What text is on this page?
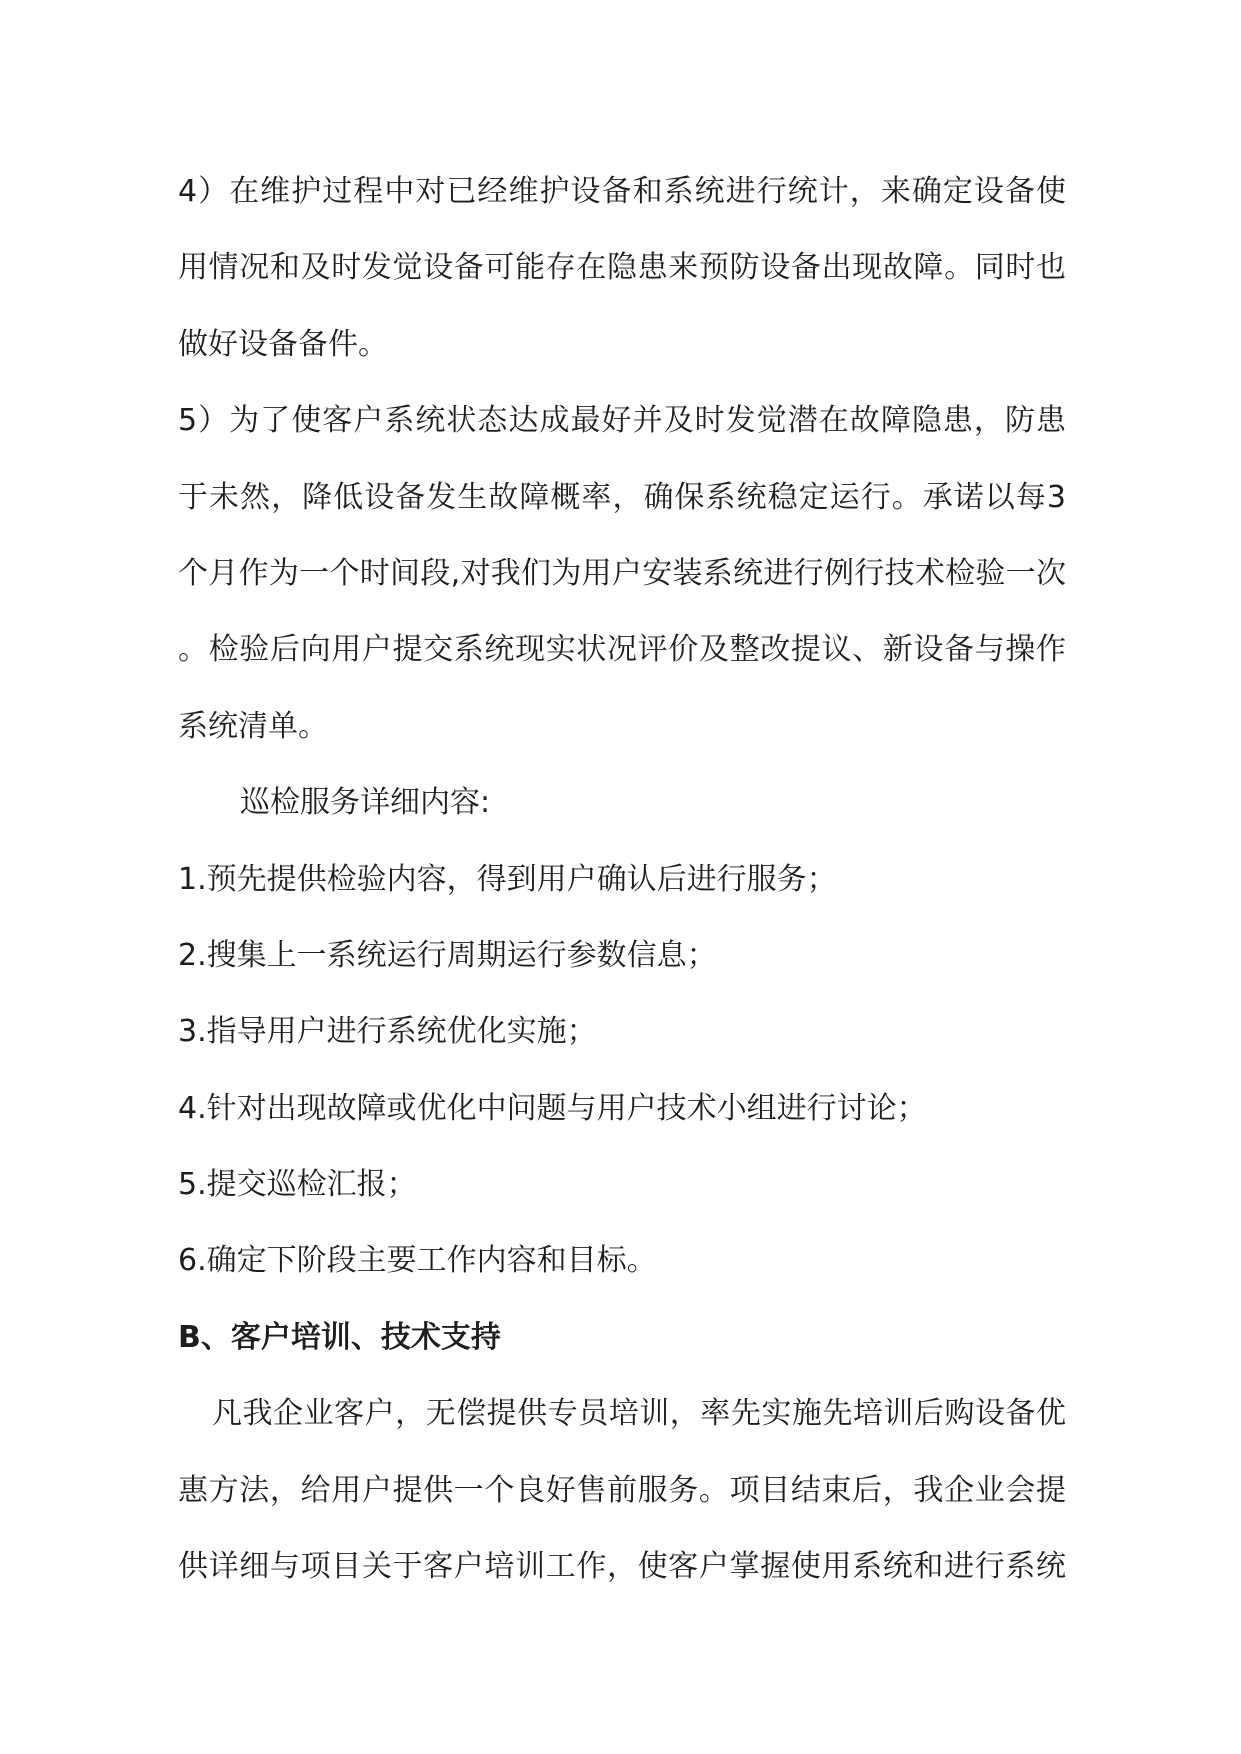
4）在维护过程中对已经维护设备和系统进行统计，来确定设备使
用情况和及时发觉设备可能存在隐患来预防设备出现故障。同时也
做好设备备件。
5）为了使客户系统状态达成最好并及时发觉潜在故障隐患，防患
于未然，降低设备发生故障概率，确保系统稳定运行。承诺以每3
个月作为一个时间段,对我们为用户安装系统进行例行技术检验一次
。检验后向用户提交系统现实状况评价及整改提议、新设备与操作
系统清单。
巡检服务详细内容:
1.预先提供检验内容，得到用户确认后进行服务；
2.搜集上一系统运行周期运行参数信息；
3.指导用户进行系统优化实施；
4.针对出现故障或优化中问题与用户技术小组进行讨论；
5.提交巡检汇报；
6.确定下阶段主要工作内容和目标。
B、客户培训、技术支持
凡我企业客户，无偿提供专员培训，率先实施先培训后购设备优
惠方法，给用户提供一个良好售前服务。项目结束后，我企业会提
供详细与项目关于客户培训工作，使客户掌握使用系统和进行系统
